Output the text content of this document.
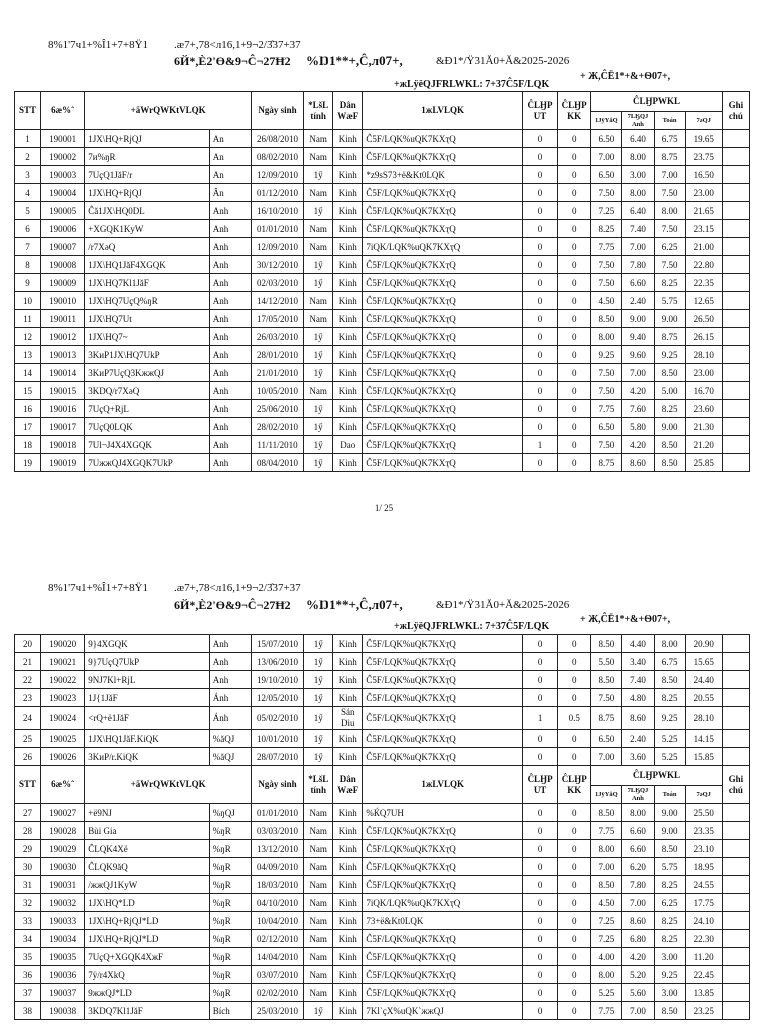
8%1'7ч1+%Î1+7+8Ÿ1 .æ7+,78<л16,1+9¬2/3̂37+37
6Й*,È2'Ө&9¬Ĉ¬27Ħ2 %Ŋ1**+,Ĉ,л07+,	&Đ1*/Ÿ31Ă0+Ă&2025-2026
+ Ж,ĈË1*+&+Ѳ07+,
+жLÿëQJFRLWKL: 7+37Ĉ5F/LQK
STT	6æ%ˆ	+ãWrQWKtVLQK		Ngày sinh	*LšL tính	Dân WæF	1жLVLQK	ĈLӇP UT	ĈLӇP KK	ĈLӇPWKL				Ghi chú
										1JÿYăQ	7LӃQJ Anh	Toán	7әQJ	
1	190001	1JX\HQ+RjQJ	An	26/08/2010	Nam	Kinh	Ĉ5F/LQK%uQK7KXҭQ	0	0	6.50	6.40	6.75	19.65	
2	190002	7и%ŋR	An	08/02/2010	Nam	Kinh	Ĉ5F/LQK%uQK7KXҭQ	0	0	7.00	8.00	8.75	23.75	
3	190003	7UҫQ1JăF/r	An	12/09/2010	1ӳ	Kinh	*z9ѕS73+ё&Kt0LQK	0	0	6.50	3.00	7.00	16.50	
4	190004	1JX\HQ+RjQJ	Ân	01/12/2010	Nam	Kinh	Ĉ5F/LQK%uQK7KXҭQ	0	0	7.50	8.00	7.50	23.00	
5	190005	Ĉă1JX\HQ0DL	Anh	16/10/2010	1ӳ	Kinh	Ĉ5F/LQK%uQK7KXҭQ	0	0	7.25	6.40	8.00	21.65	
6	190006	+XGQK1KуW	Anh	01/01/2010	Nam	Kinh	Ĉ5F/LQK%uQK7KXҭQ	0	0	8.25	7.40	7.50	23.15	
7	190007	/r7XәQ	Anh	12/09/2010	Nam	Kinh	7iQK/LQK%uQK7KXҭQ	0	0	7.75	7.00	6.25	21.00	
8	190008	1JX\HQ1JăF4XGQK	Anh	30/12/2010	1ӳ	Kinh	Ĉ5F/LQK%uQK7KXҭQ	0	0	7.50	7.80	7.50	22.80	
9	190009	1JX\HQ7Kl1JăF	Anh	02/03/2010	1ӳ	Kinh	Ĉ5F/LQK%uQK7KXҭQ	0	0	7.50	6.60	8.25	22.35	
10	190010	1JX\HQ7UҫQ%ŋR	Anh	14/12/2010	Nam	Kinh	Ĉ5F/LQK%uQK7KXҭQ	0	0	4.50	2.40	5.75	12.65	
11	190011	1JX\HQ7Ut	Anh	17/05/2010	Nam	Kinh	Ĉ5F/LQK%uQK7KXҭQ	0	0	8.50	9.00	9.00	26.50	
12	190012	1JX\HQ7~	Anh	26/03/2010	1ӳ	Kinh	Ĉ5F/LQK%uQK7KXҭQ	0	0	8.00	9.40	8.75	26.15	
13	190013	3KиP1JX\HQ7UkP	Anh	28/01/2010	1ӳ	Kinh	Ĉ5F/LQK%uQK7KXҭQ	0	0	9.25	9.60	9.25	28.10	
14	190014	3KиP7UҫQ3KжжQJ	Anh	21/01/2010	1ӳ	Kinh	Ĉ5F/LQK%uQK7KXҭQ	0	0	7.50	7.00	8.50	23.00	
15	190015	3KDQ/r7XәQ	Anh	10/05/2010	Nam	Kinh	Ĉ5F/LQK%uQK7KXҭQ	0	0	7.50	4.20	5.00	16.70	
16	190016	7UҫQ+RjL	Anh	25/06/2010	1ӳ	Kinh	Ĉ5F/LQK%uQK7KXҭQ	0	0	7.75	7.60	8.25	23.60	
17	190017	7UҫQ0LQK	Anh	28/02/2010	1ӳ	Kinh	Ĉ5F/LQK%uQK7KXҭQ	0	0	6.50	5.80	9.00	21.30	
18	190018	7Ul¬J4X4XGQK	Anh	11/11/2010	1ӳ	Dao	Ĉ5F/LQK%uQK7KXҭQ	1	0	7.50	4.20	8.50	21.20	
19	190019	7UжжQJ4XGQK7UkP	Anh	08/04/2010	1ӳ	Kinh	Ĉ5F/LQK%uQK7KXҭQ	0	0	8.75	8.60	8.50	25.85	
1/ 25
8%1'7ч1+%Î1+7+8Ÿ1 .æ7+,78<л16,1+9¬2/3̂37+37
6Й*,È2'Ө&9¬Ĉ¬27Ħ2 %Ŋ1**+,Ĉ,л07+,	&Đ1*/Ÿ31Ă0+Ă&2025-2026
+ Ж,ĈË1*+&+Ѳ07+,
+жLÿëQJFRLWKL: 7+37Ĉ5F/LQK
20	190020	9}4XGQK	Anh	15/07/2010	1ӳ	Kinh	Ĉ5F/LQK%uQK7KXҭQ	0	0	8.50	4.40	8.00	20.90	
21	190021	9}7UҫQ7UkP	Anh	13/06/2010	1ӳ	Kinh	Ĉ5F/LQK%uQK7KXҭQ	0	0	5.50	3.40	6.75	15.65	
22	190022	9NJ7Kl+RjL	Anh	19/10/2010	1ӳ	Kinh	Ĉ5F/LQK%uQK7KXҭQ	0	0	8.50	7.40	8.50	24.40	
23	190023	1J{1JăF	Ánh	12/05/2010	1ӳ	Kinh	Ĉ5F/LQK%uQK7KXҭQ	0	0	7.50	4.80	8.25	20.55	
24	190024	<rQ+ë1JăF	Ánh	05/02/2010	1ӳ	Sán Dìu	Ĉ5F/LQK%uQK7KXҭQ	1	0.5	8.75	8.60	9.25	28.10	
25	190025	1JX\HQ1JăF.KiQK	%ăQJ	10/01/2010	1ӳ	Kinh	Ĉ5F/LQK%uQK7KXҭQ	0	0	6.50	2.40	5.25	14.15	
26	190026	3KиP/r.KiQK	%ăQJ	28/07/2010	1ӳ	Kinh	Ĉ5F/LQK%uQK7KXҭQ	0	0	7.00	3.60	5.25	15.85	
STT	6æ%ˆ	+ãWrQWKtVLQK		Ngày sinh	*LšL tính	Dân WæF	1жLVLQK	ĈLӇP UT	ĈLӇP KK	ĈLӇPWKL				Ghi chú
										1JÿYăQ	7LӃQJ Anh	Toán	7әQJ	
27	190027	+ё9NJ	%ŋQJ	01/01/2010	Nam	Kinh	%ЌQ7UH	0	0	8.50	8.00	9.00	25.50	
28	190028	Bùi Gia	%ŋR	03/03/2010	Nam	Kinh	Ĉ5F/LQK%uQK7KXҭQ	0	0	7.75	6.60	9.00	23.35	
29	190029	ĈLQK4Xё	%ŋR	13/12/2010	Nam	Kinh	Ĉ5F/LQK%uQK7KXҭQ	0	0	8.00	6.60	8.50	23.10	
30	190030	ĈLQK9ăQ	%ŋR	04/09/2010	Nam	Kinh	Ĉ5F/LQK%uQK7KXҭQ	0	0	7.00	6.20	5.75	18.95	
31	190031	/жжQJ1KуW	%ŋR	18/03/2010	Nam	Kinh	Ĉ5F/LQK%uQK7KXҭQ	0	0	8.50	7.80	8.25	24.55	
32	190032	1JX\HQ*LD	%ŋR	04/10/2010	Nam	Kinh	7iQK/LQK%uQK7KXҭQ	0	0	4.50	7.00	6.25	17.75	
33	190033	1JX\HQ+RjQJ*LD	%ŋR	10/04/2010	Nam	Kinh	73+ё&Kt0LQK	0	0	7.25	8.60	8.25	24.10	
34	190034	1JX\HQ+RjQJ*LD	%ŋR	02/12/2010	Nam	Kinh	Ĉ5F/LQK%uQK7KXҭQ	0	0	7.25	6.80	8.25	22.30	
35	190035	7UҫQ+XGQK4XжF	%ŋR	14/04/2010	Nam	Kinh	Ĉ5F/LQK%uQK7KXҭQ	0	0	4.00	4.20	3.00	11.20	
36	190036	7ÿ/r4XkQ	%ŋR	03/07/2010	Nam	Kinh	Ĉ5F/LQK%uQK7KXҭQ	0	0	8.00	5.20	9.25	22.45	
37	190037	9жжQJ*LD	%ŋR	02/02/2010	Nam	Kinh	Ĉ5F/LQK%uQK7KXҭQ	0	0	5.25	5.60	3.00	13.85	
38	190038	3KDQ7Kl1JăF	Bích	25/03/2010	1ӳ	Kinh	7Kӏ`ҫX%uQK`жжQJ	0	0	7.75	7.00	8.50	23.25	
